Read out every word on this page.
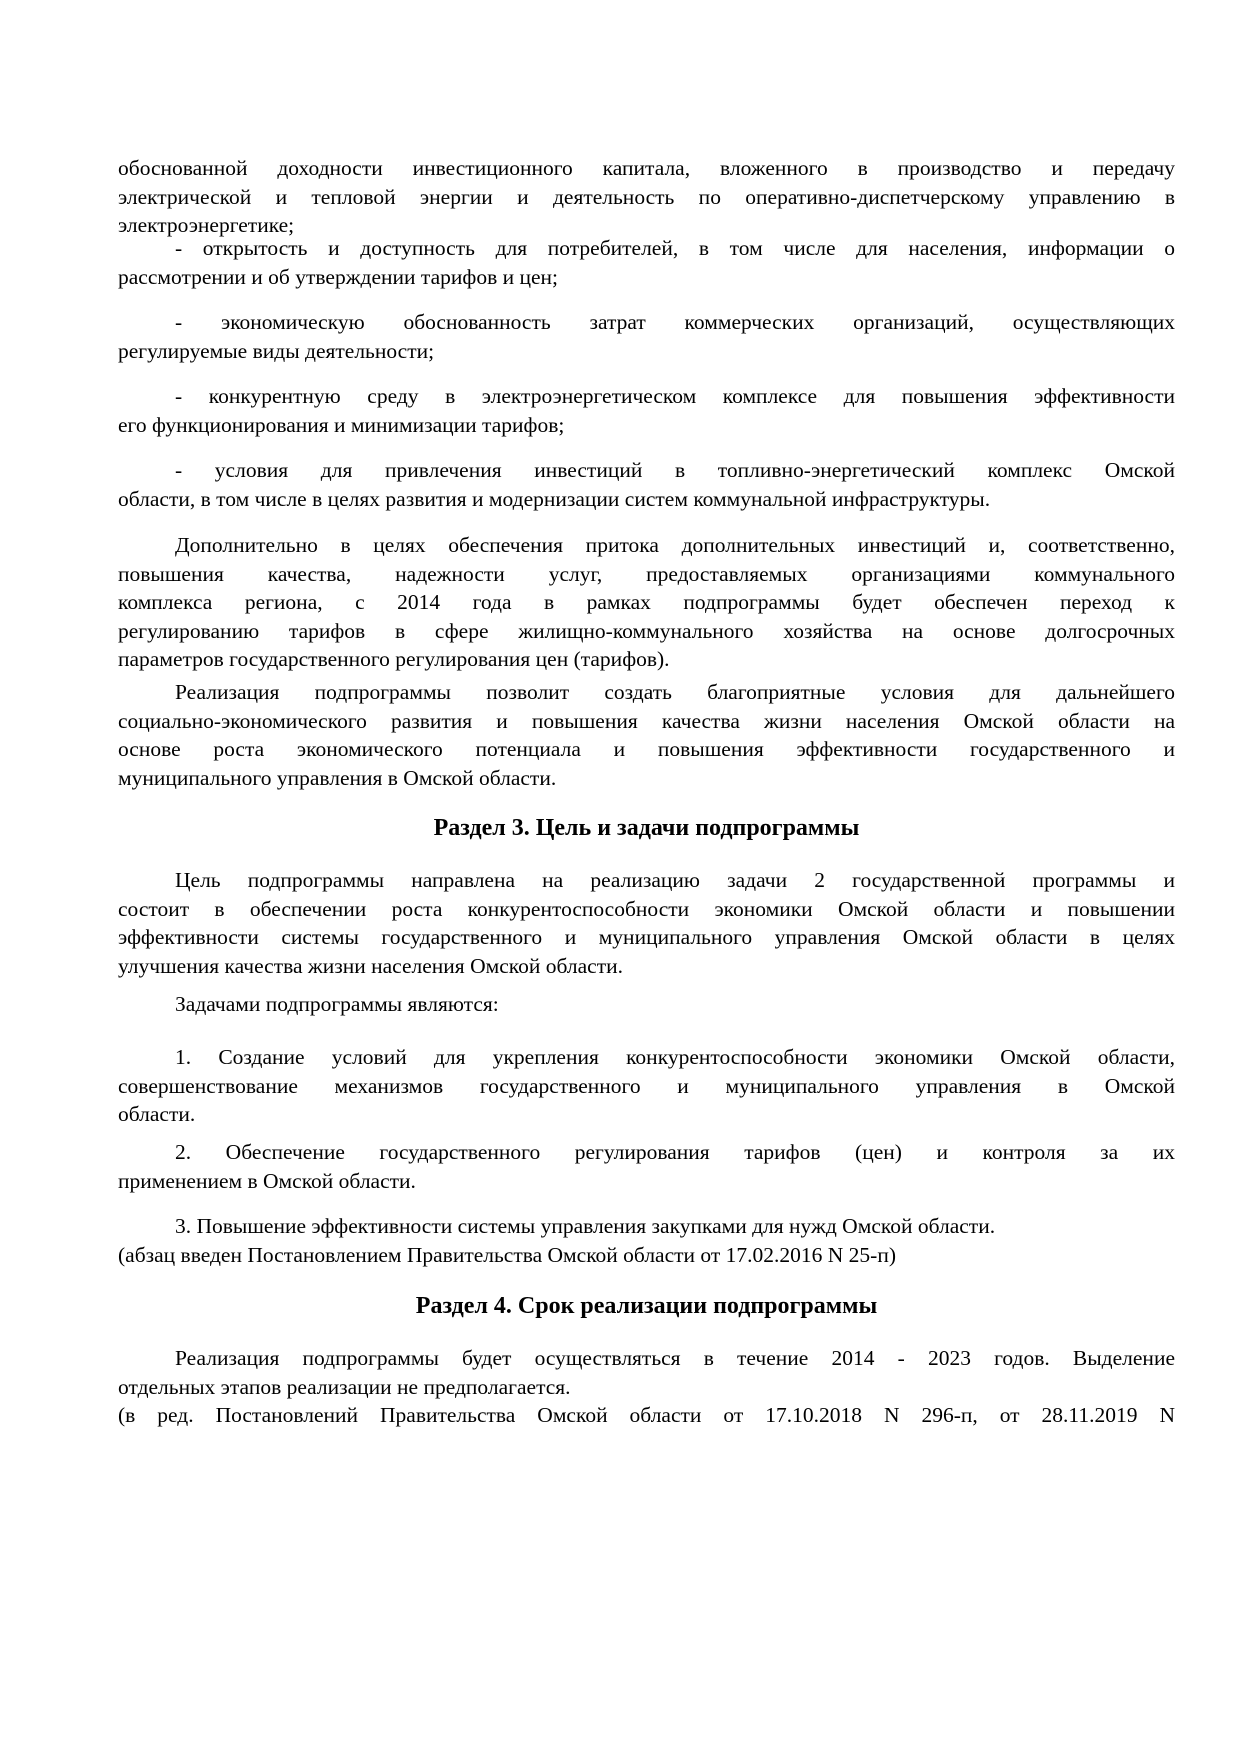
Раздел 3. Цель и задачи подпрограммы
Раздел 4. Срок реализации подпрограммы
обоснованной доходности инвестиционного капитала, вложенного в производство и передачу
электрической и тепловой энергии и деятельность по оперативно-диспетчерскому управлению в
электроэнергетике;
- открытость и доступность для потребителей, в том числе для населения, информации о
рассмотрении и об утверждении тарифов и цен;
- экономическую обоснованность затрат коммерческих организаций, осуществляющих
регулируемые виды деятельности;
- конкурентную среду в электроэнергетическом комплексе для повышения эффективности
его функционирования и минимизации тарифов;
- условия для привлечения инвестиций в топливно-энергетический комплекс Омской
области, в том числе в целях развития и модернизации систем коммунальной инфраструктуры.
Дополнительно в целях обеспечения притока дополнительных инвестиций и, соответственно,
повышения качества, надежности услуг, предоставляемых организациями коммунального
комплекса региона, с 2014 года в рамках подпрограммы будет обеспечен переход к
регулированию тарифов в сфере жилищно-коммунального хозяйства на основе долгосрочных
параметров государственного регулирования цен (тарифов).
Реализация подпрограммы позволит создать благоприятные условия для дальнейшего
социально-экономического развития и повышения качества жизни населения Омской области на
основе роста экономического потенциала и повышения эффективности государственного и
муниципального управления в Омской области.
Цель подпрограммы направлена на реализацию задачи 2 государственной программы и
состоит в обеспечении роста конкурентоспособности экономики Омской области и повышении
эффективности системы государственного и муниципального управления Омской области в целях
улучшения качества жизни населения Омской области.
Задачами подпрограммы являются:
1. Создание условий для укрепления конкурентоспособности экономики Омской области,
совершенствование механизмов государственного и муниципального управления в Омской
области.
2. Обеспечение государственного регулирования тарифов (цен) и контроля за их
применением в Омской области.
3. Повышение эффективности системы управления закупками для нужд Омской области.
(абзац введен Постановлением Правительства Омской области от 17.02.2016 N 25-п)
Реализация подпрограммы будет осуществляться в течение 2014 - 2023 годов. Выделение
отдельных этапов реализации не предполагается.
(в ред. Постановлений Правительства Омской области от 17.10.2018 N 296-п, от 28.11.2019 N
